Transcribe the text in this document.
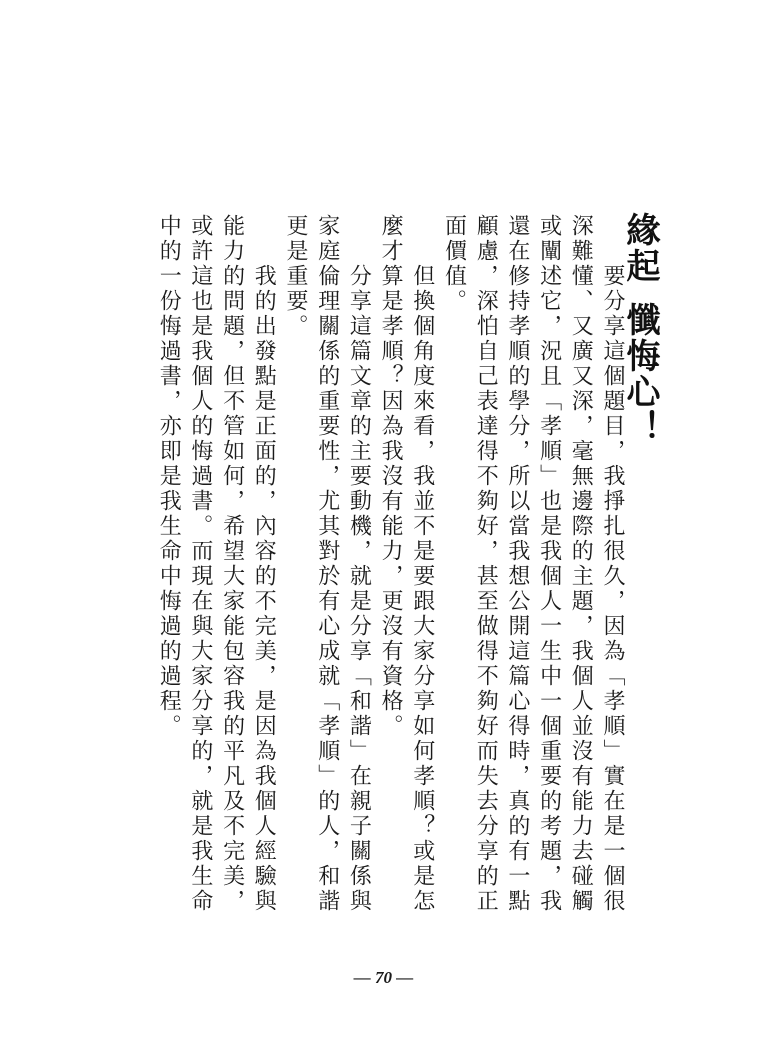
緣起懺悔心！
要分享這個題目，我掙扎很久，因為「孝順」實在是一個很
深難懂、又廣又深，毫無邊際的主題，我個人並沒有能力去碰觸
或闡述它，況且「孝順」也是我個人一生中一個重要的考題，我
還在修持孝順的學分，所以當我想公開這篇心得時，真的有一點
顧慮，深怕自己表達得不夠好，甚至做得不夠好而失去分享的正
面價值。
但換個角度來看，我並不是要跟大家分享如何孝順？或是怎
麼才算是孝順？因為我沒有能力，更沒有資格。
分享這篇文章的主要動機，就是分享「和諧」在親子關係與
家庭倫理關係的重要性，尤其對於有心成就「孝順」的人，和諧
更是重要。
我的出發點是正面的，內容的不完美，是因為我個人經驗與
能力的問題，但不管如何，希望大家能包容我的平凡及不完美，
或許這也是我個人的悔過書。而現在與大家分享的，就是我生命
中的一份悔過書，亦即是我生命中悔過的過程。
— 70 —
